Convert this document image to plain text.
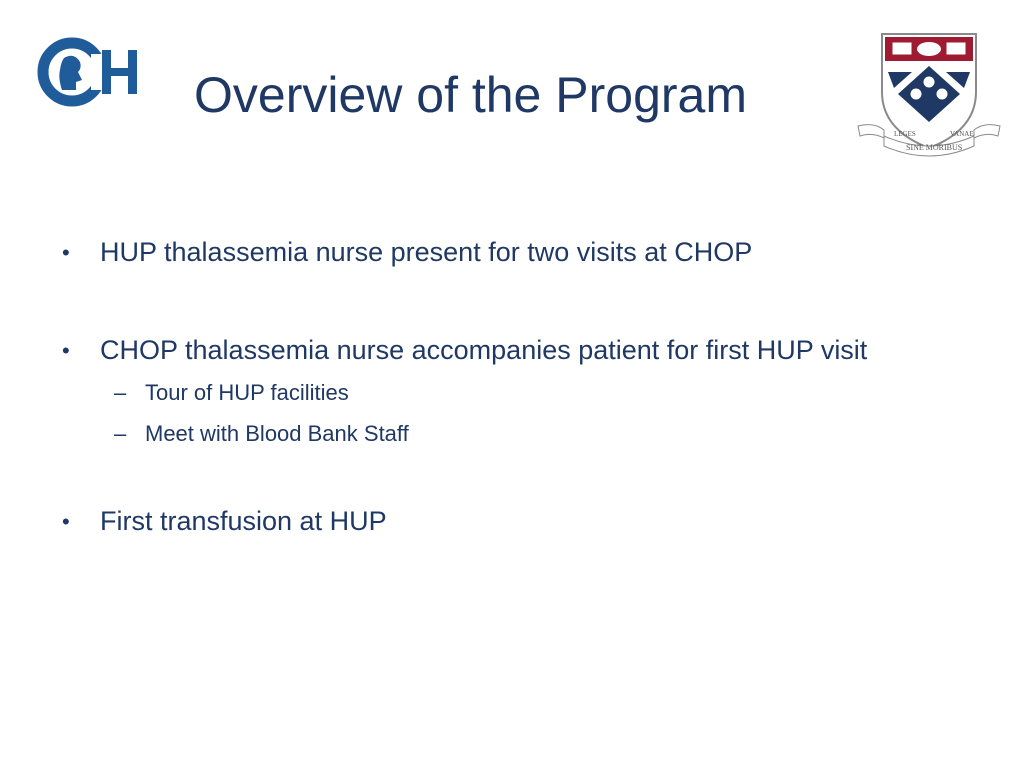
Overview of the Program
LEGES	VANAE
SINE MORIBUS
• HUP thalassemia nurse present for two visits at CHOP
• CHOP thalassemia nurse accompanies patient for first HUP visit
– Tour of HUP facilities
– Meet with Blood Bank Staff
• First transfusion at HUP
